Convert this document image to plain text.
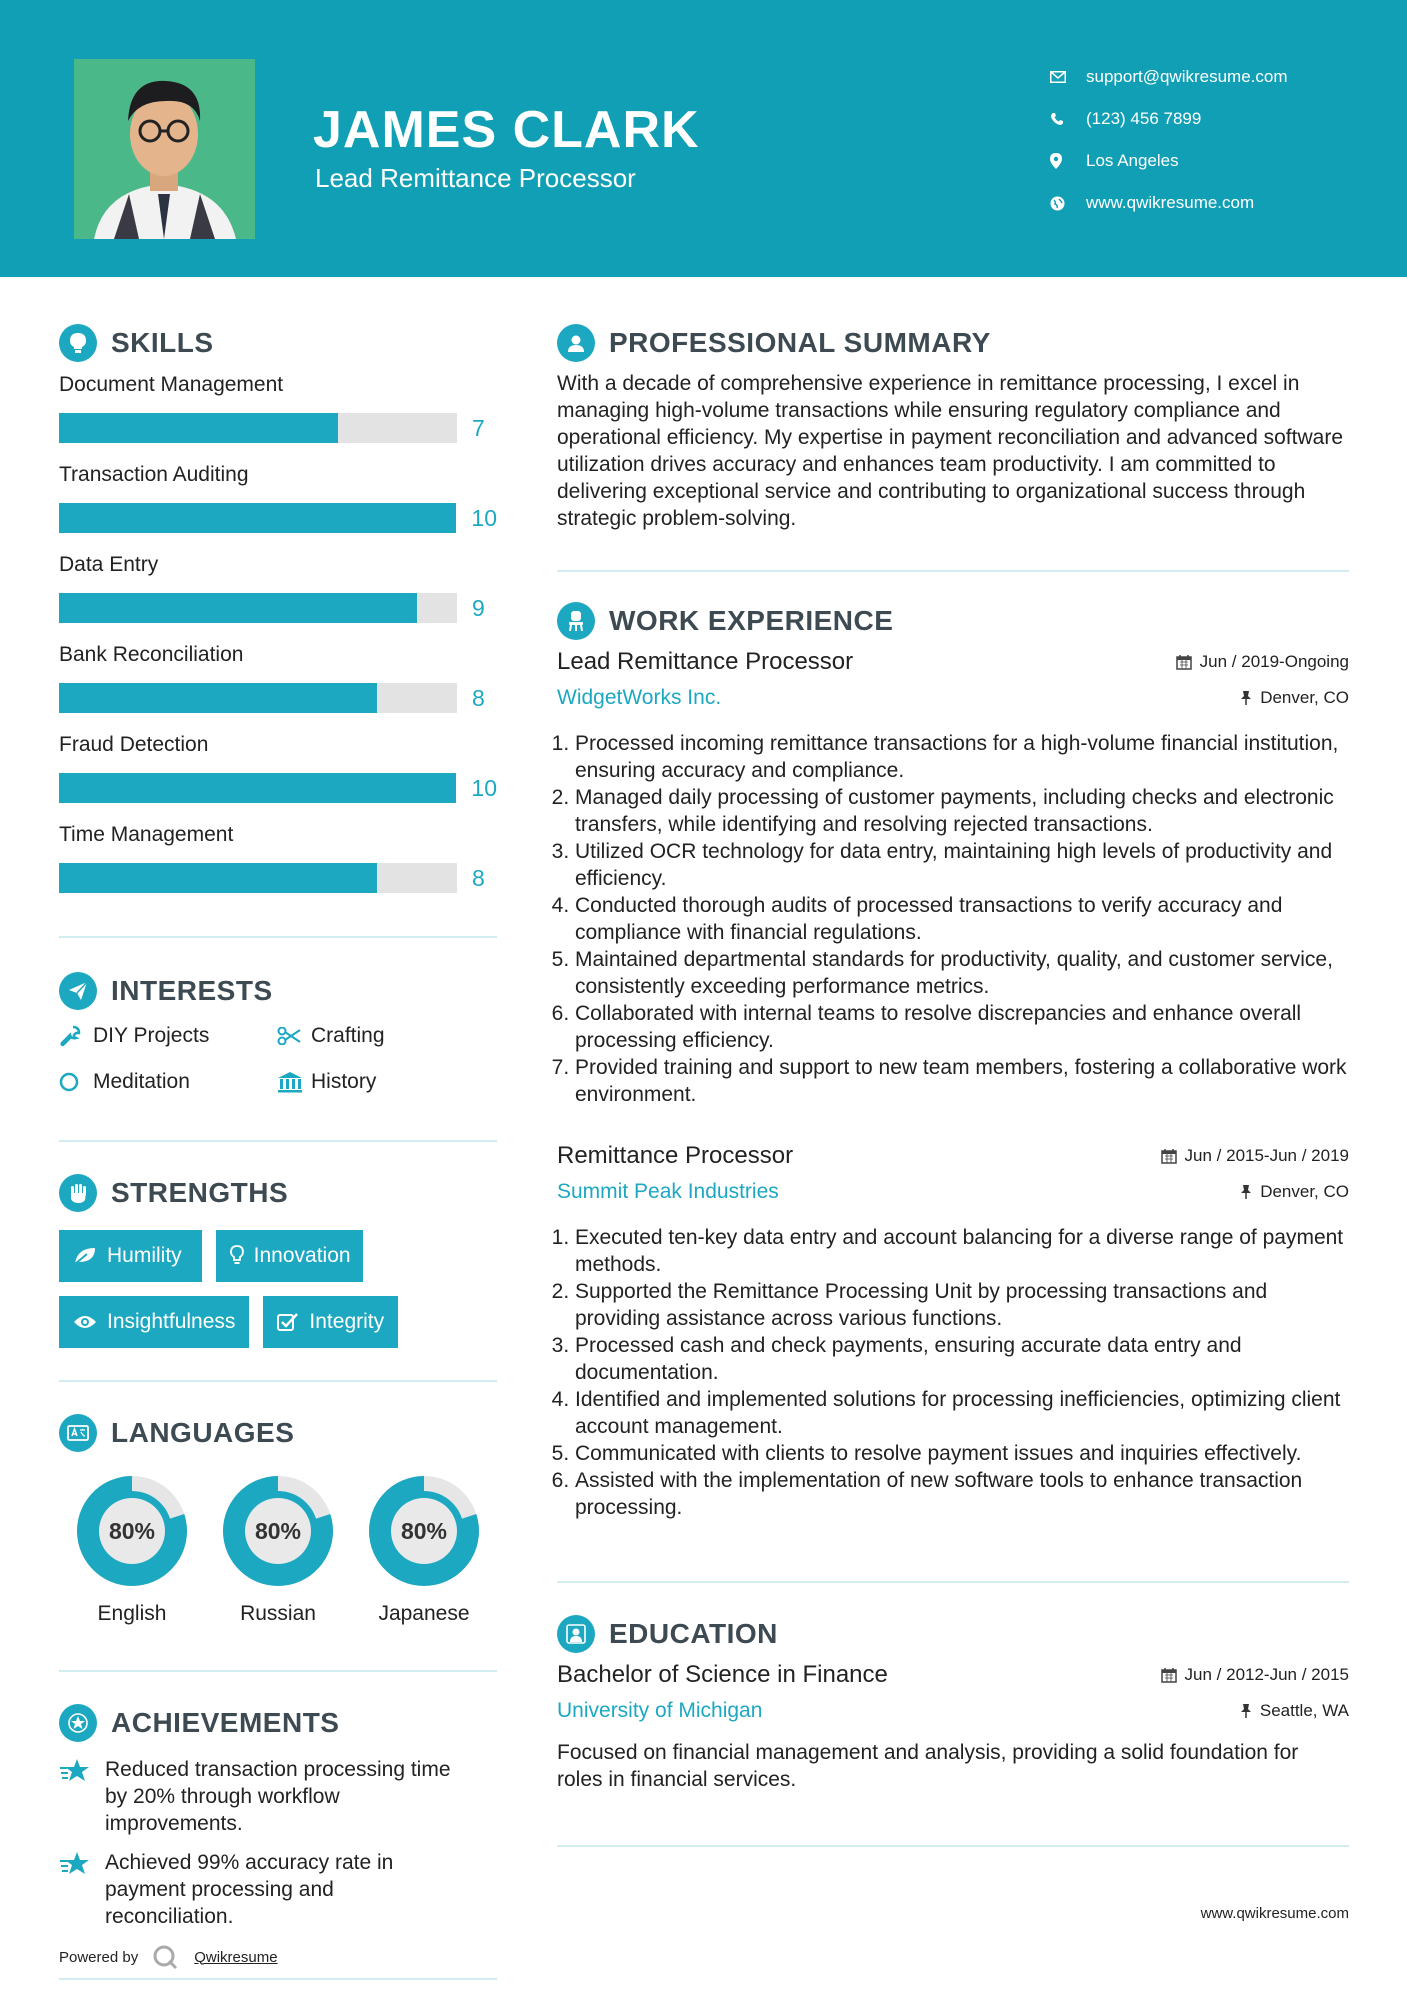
JAMES CLARK
Lead Remittance Processor
support@qwikresume.com
(123) 456 7899
Los Angeles
www.qwikresume.com
SKILLS
Document Management
7
Transaction Auditing
10
Data Entry
9
Bank Reconciliation
8
Fraud Detection
10
Time Management
8
INTERESTS
DIY Projects	Crafting
Meditation	History
STRENGTHS
Humility	Innovation
Insightfulness	Integrity
LANGUAGES
80%
English
80%
Russian
80%
Japanese
ACHIEVEMENTS
Reduced transaction processing time by 20% through workflow improvements.
Achieved 99% accuracy rate in payment processing and reconciliation.
Powered by	Qwikresume
PROFESSIONAL SUMMARY
With a decade of comprehensive experience in remittance processing, I excel in managing high-volume transactions while ensuring regulatory compliance and operational efficiency. My expertise in payment reconciliation and advanced software utilization drives accuracy and enhances team productivity. I am committed to delivering exceptional service and contributing to organizational success through strategic problem-solving.
WORK EXPERIENCE
Lead Remittance Processor	Jun / 2019-Ongoing
WidgetWorks Inc.	Denver, CO
1. Processed incoming remittance transactions for a high-volume financial institution, ensuring accuracy and compliance.
2. Managed daily processing of customer payments, including checks and electronic transfers, while identifying and resolving rejected transactions.
3. Utilized OCR technology for data entry, maintaining high levels of productivity and efficiency.
4. Conducted thorough audits of processed transactions to verify accuracy and compliance with financial regulations.
5. Maintained departmental standards for productivity, quality, and customer service, consistently exceeding performance metrics.
6. Collaborated with internal teams to resolve discrepancies and enhance overall processing efficiency.
7. Provided training and support to new team members, fostering a collaborative work environment.
Remittance Processor	Jun / 2015-Jun / 2019
Summit Peak Industries	Denver, CO
1. Executed ten-key data entry and account balancing for a diverse range of payment methods.
2. Supported the Remittance Processing Unit by processing transactions and providing assistance across various functions.
3. Processed cash and check payments, ensuring accurate data entry and documentation.
4. Identified and implemented solutions for processing inefficiencies, optimizing client account management.
5. Communicated with clients to resolve payment issues and inquiries effectively.
6. Assisted with the implementation of new software tools to enhance transaction processing.
EDUCATION
Bachelor of Science in Finance	Jun / 2012-Jun / 2015
University of Michigan	Seattle, WA
Focused on financial management and analysis, providing a solid foundation for roles in financial services.
www.qwikresume.com
